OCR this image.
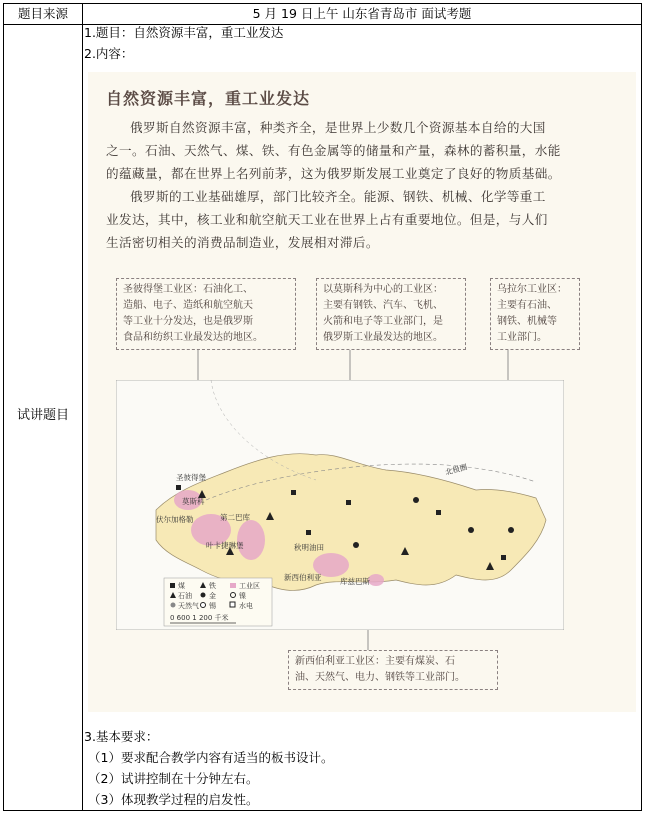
题目来源	5 月 19 日上午 山东省青岛市 面试考题
试讲题目
1.题目：自然资源丰富，重工业发达
2.内容：
自然资源丰富，重工业发达
俄罗斯自然资源丰富，种类齐全，是世界上少数几个资源基本自给的大国
之一。石油、天然气、煤、铁、有色金属等的储量和产量，森林的蓄积量，水能
的蕴藏量，都在世界上名列前茅，这为俄罗斯发展工业奠定了良好的物质基础。
俄罗斯的工业基础雄厚，部门比较齐全。能源、钢铁、机械、化学等重工
业发达，其中，核工业和航空航天工业在世界上占有重要地位。但是，与人们
生活密切相关的消费品制造业，发展相对滞后。
圣彼得堡工业区：石油化工、
造船、电子、造纸和航空航天
等工业十分发达，也是俄罗斯
食品和纺织工业最发达的地区。
以莫斯科为中心的工业区：
主要有钢铁、汽车、飞机、
火箭和电子等工业部门，是
俄罗斯工业最发达的地区。
乌拉尔工业区：
主要有石油、
钢铁、机械等
工业部门。
新西伯利亚工业区：主要有煤炭、石
油、天然气、电力、钢铁等工业部门。
圣彼得堡
莫斯科
伏尔加格勒	第二巴库
叶卡捷琳堡	秋明油田
新西伯利亚 库兹巴斯
北极圈
煤	铁	工业区
石油 金	镍
天然气 锡	水电
0 600 1 200 千米
3.基本要求：
（1）要求配合教学内容有适当的板书设计。
（2）试讲控制在十分钟左右。
（3）体现教学过程的启发性。
